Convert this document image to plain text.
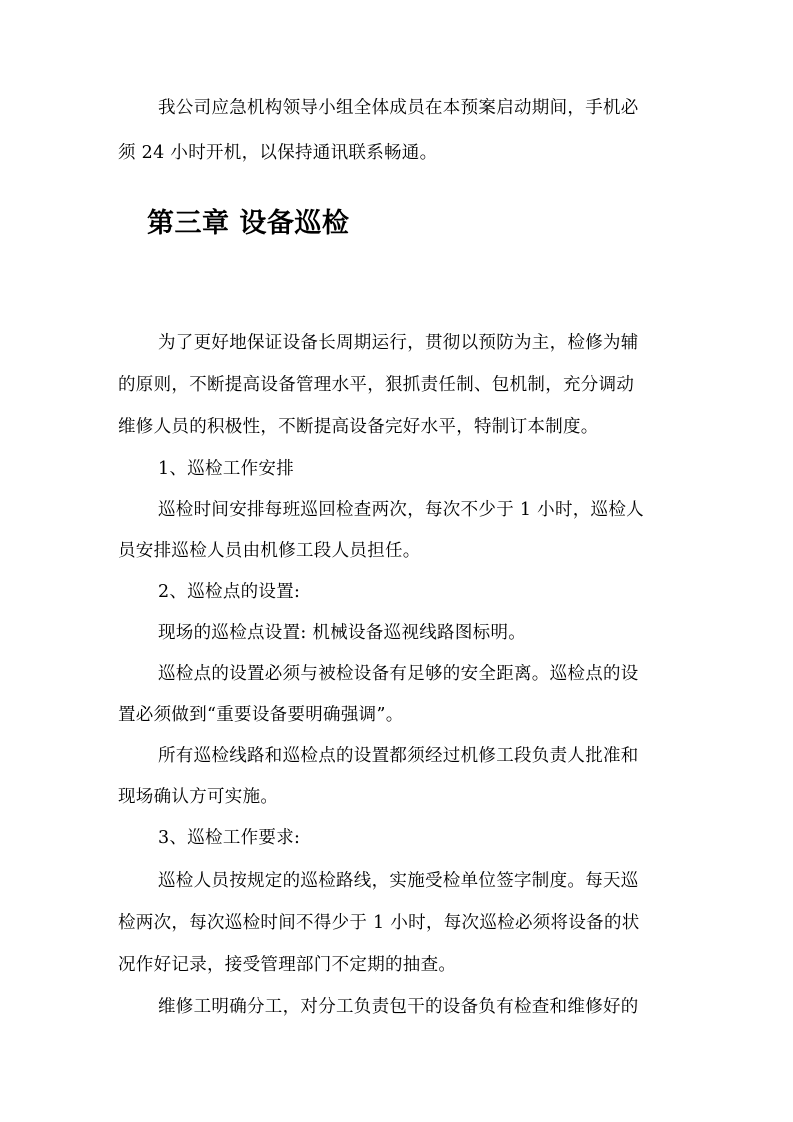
我公司应急机构领导小组全体成员在本预案启动期间，手机必
须 24 小时开机，以保持通讯联系畅通。
第三章 设备巡检
为了更好地保证设备长周期运行，贯彻以预防为主，检修为辅
的原则，不断提高设备管理水平，狠抓责任制、包机制，充分调动
维修人员的积极性，不断提高设备完好水平，特制订本制度。
1、巡检工作安排
巡检时间安排每班巡回检查两次，每次不少于 1 小时，巡检人
员安排巡检人员由机修工段人员担任。
2、巡检点的设置:
现场的巡检点设置: 机械设备巡视线路图标明。
巡检点的设置必须与被检设备有足够的安全距离。巡检点的设
置必须做到“重要设备要明确强调”。
所有巡检线路和巡检点的设置都须经过机修工段负责人批准和
现场确认方可实施。
3、巡检工作要求:
巡检人员按规定的巡检路线，实施受检单位签字制度。每天巡
检两次，每次巡检时间不得少于 1 小时，每次巡检必须将设备的状
况作好记录，接受管理部门不定期的抽查。
维修工明确分工，对分工负责包干的设备负有检查和维修好的
